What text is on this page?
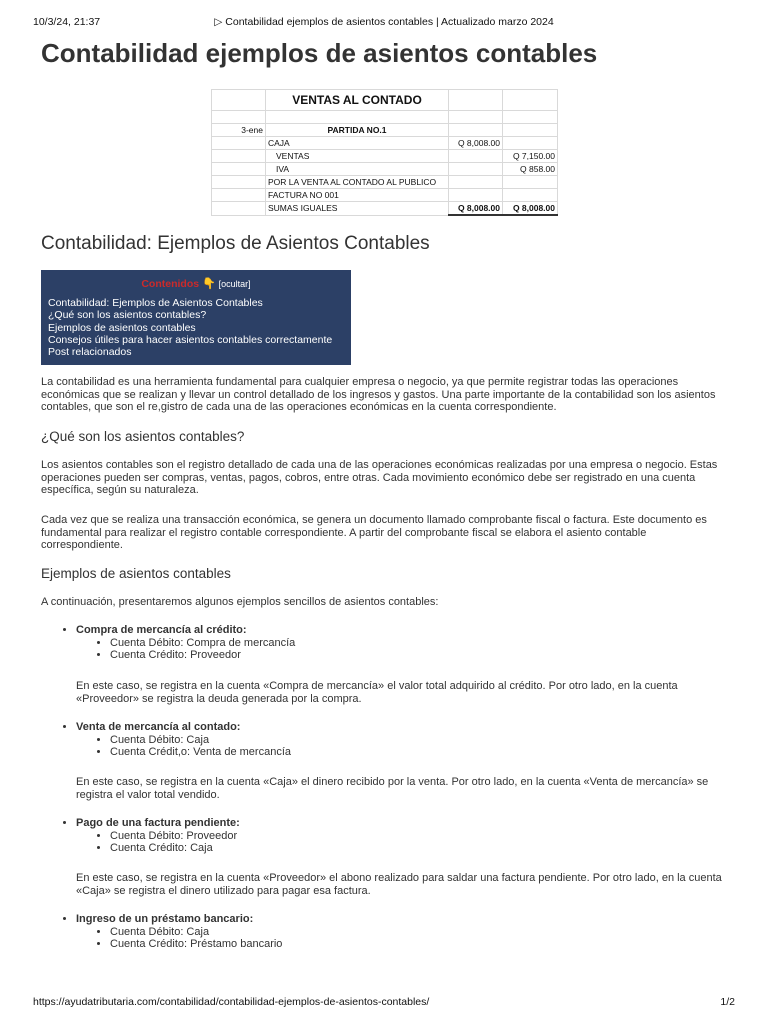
10/3/24, 21:37	▷ Contabilidad ejemplos de asientos contables | Actualizado marzo 2024
Contabilidad ejemplos de asientos contables
	VENTAS AL CONTADO		

3-ene	PARTIDA NO.1		
	CAJA	Q 8,008.00	
	VENTAS		Q 7,150.00
	IVA		Q 858.00
	POR LA VENTA AL CONTADO AL PUBLICO		
	FACTURA NO 001		
	SUMAS IGUALES	Q 8,008.00	Q 8,008.00
Contabilidad: Ejemplos de Asientos Contables
Contenidos 👇 [ocultar]
Contabilidad: Ejemplos de Asientos Contables
¿Qué son los asientos contables?
Ejemplos de asientos contables
Consejos útiles para hacer asientos contables correctamente
Post relacionados

La contabilidad es una herramienta fundamental para cualquier empresa o negocio, ya que permite registrar todas las operaciones económicas que se realizan y llevar un control detallado de los ingresos y gastos. Una parte importante de la contabilidad son los asientos contables, que son el re,gistro de cada una de las operaciones económicas en la cuenta correspondiente.

¿Qué son los asientos contables?

Los asientos contables son el registro detallado de cada una de las operaciones económicas realizadas por una empresa o negocio. Estas operaciones pueden ser compras, ventas, pagos, cobros, entre otras. Cada movimiento económico debe ser registrado en una cuenta específica, según su naturaleza.

Cada vez que se realiza una transacción económica, se genera un documento llamado comprobante fiscal o factura. Este documento es fundamental para realizar el registro contable correspondiente. A partir del comprobante fiscal se elabora el asiento contable correspondiente.

Ejemplos de asientos contables

A continuación, presentaremos algunos ejemplos sencillos de asientos contables:

• Compra de mercancía al crédito:
• Cuenta Débito: Compra de mercancía
• Cuenta Crédito: Proveedor

En este caso, se registra en la cuenta «Compra de mercancía» el valor total adquirido al crédito. Por otro lado, en la cuenta «Proveedor» se registra la deuda generada por la compra.

• Venta de mercancía al contado:
• Cuenta Débito: Caja
• Cuenta Crédit,o: Venta de mercancía

En este caso, se registra en la cuenta «Caja» el dinero recibido por la venta. Por otro lado, en la cuenta «Venta de mercancía» se registra el valor total vendido.

• Pago de una factura pendiente:
• Cuenta Débito: Proveedor
• Cuenta Crédito: Caja

En este caso, se registra en la cuenta «Proveedor» el abono realizado para saldar una factura pendiente. Por otro lado, en la cuenta «Caja» se registra el dinero utilizado para pagar esa factura.

• Ingreso de un préstamo bancario:
• Cuenta Débito: Caja
• Cuenta Crédito: Préstamo bancario
https://ayudatributaria.com/contabilidad/contabilidad-ejemplos-de-asientos-contables/	1/2
